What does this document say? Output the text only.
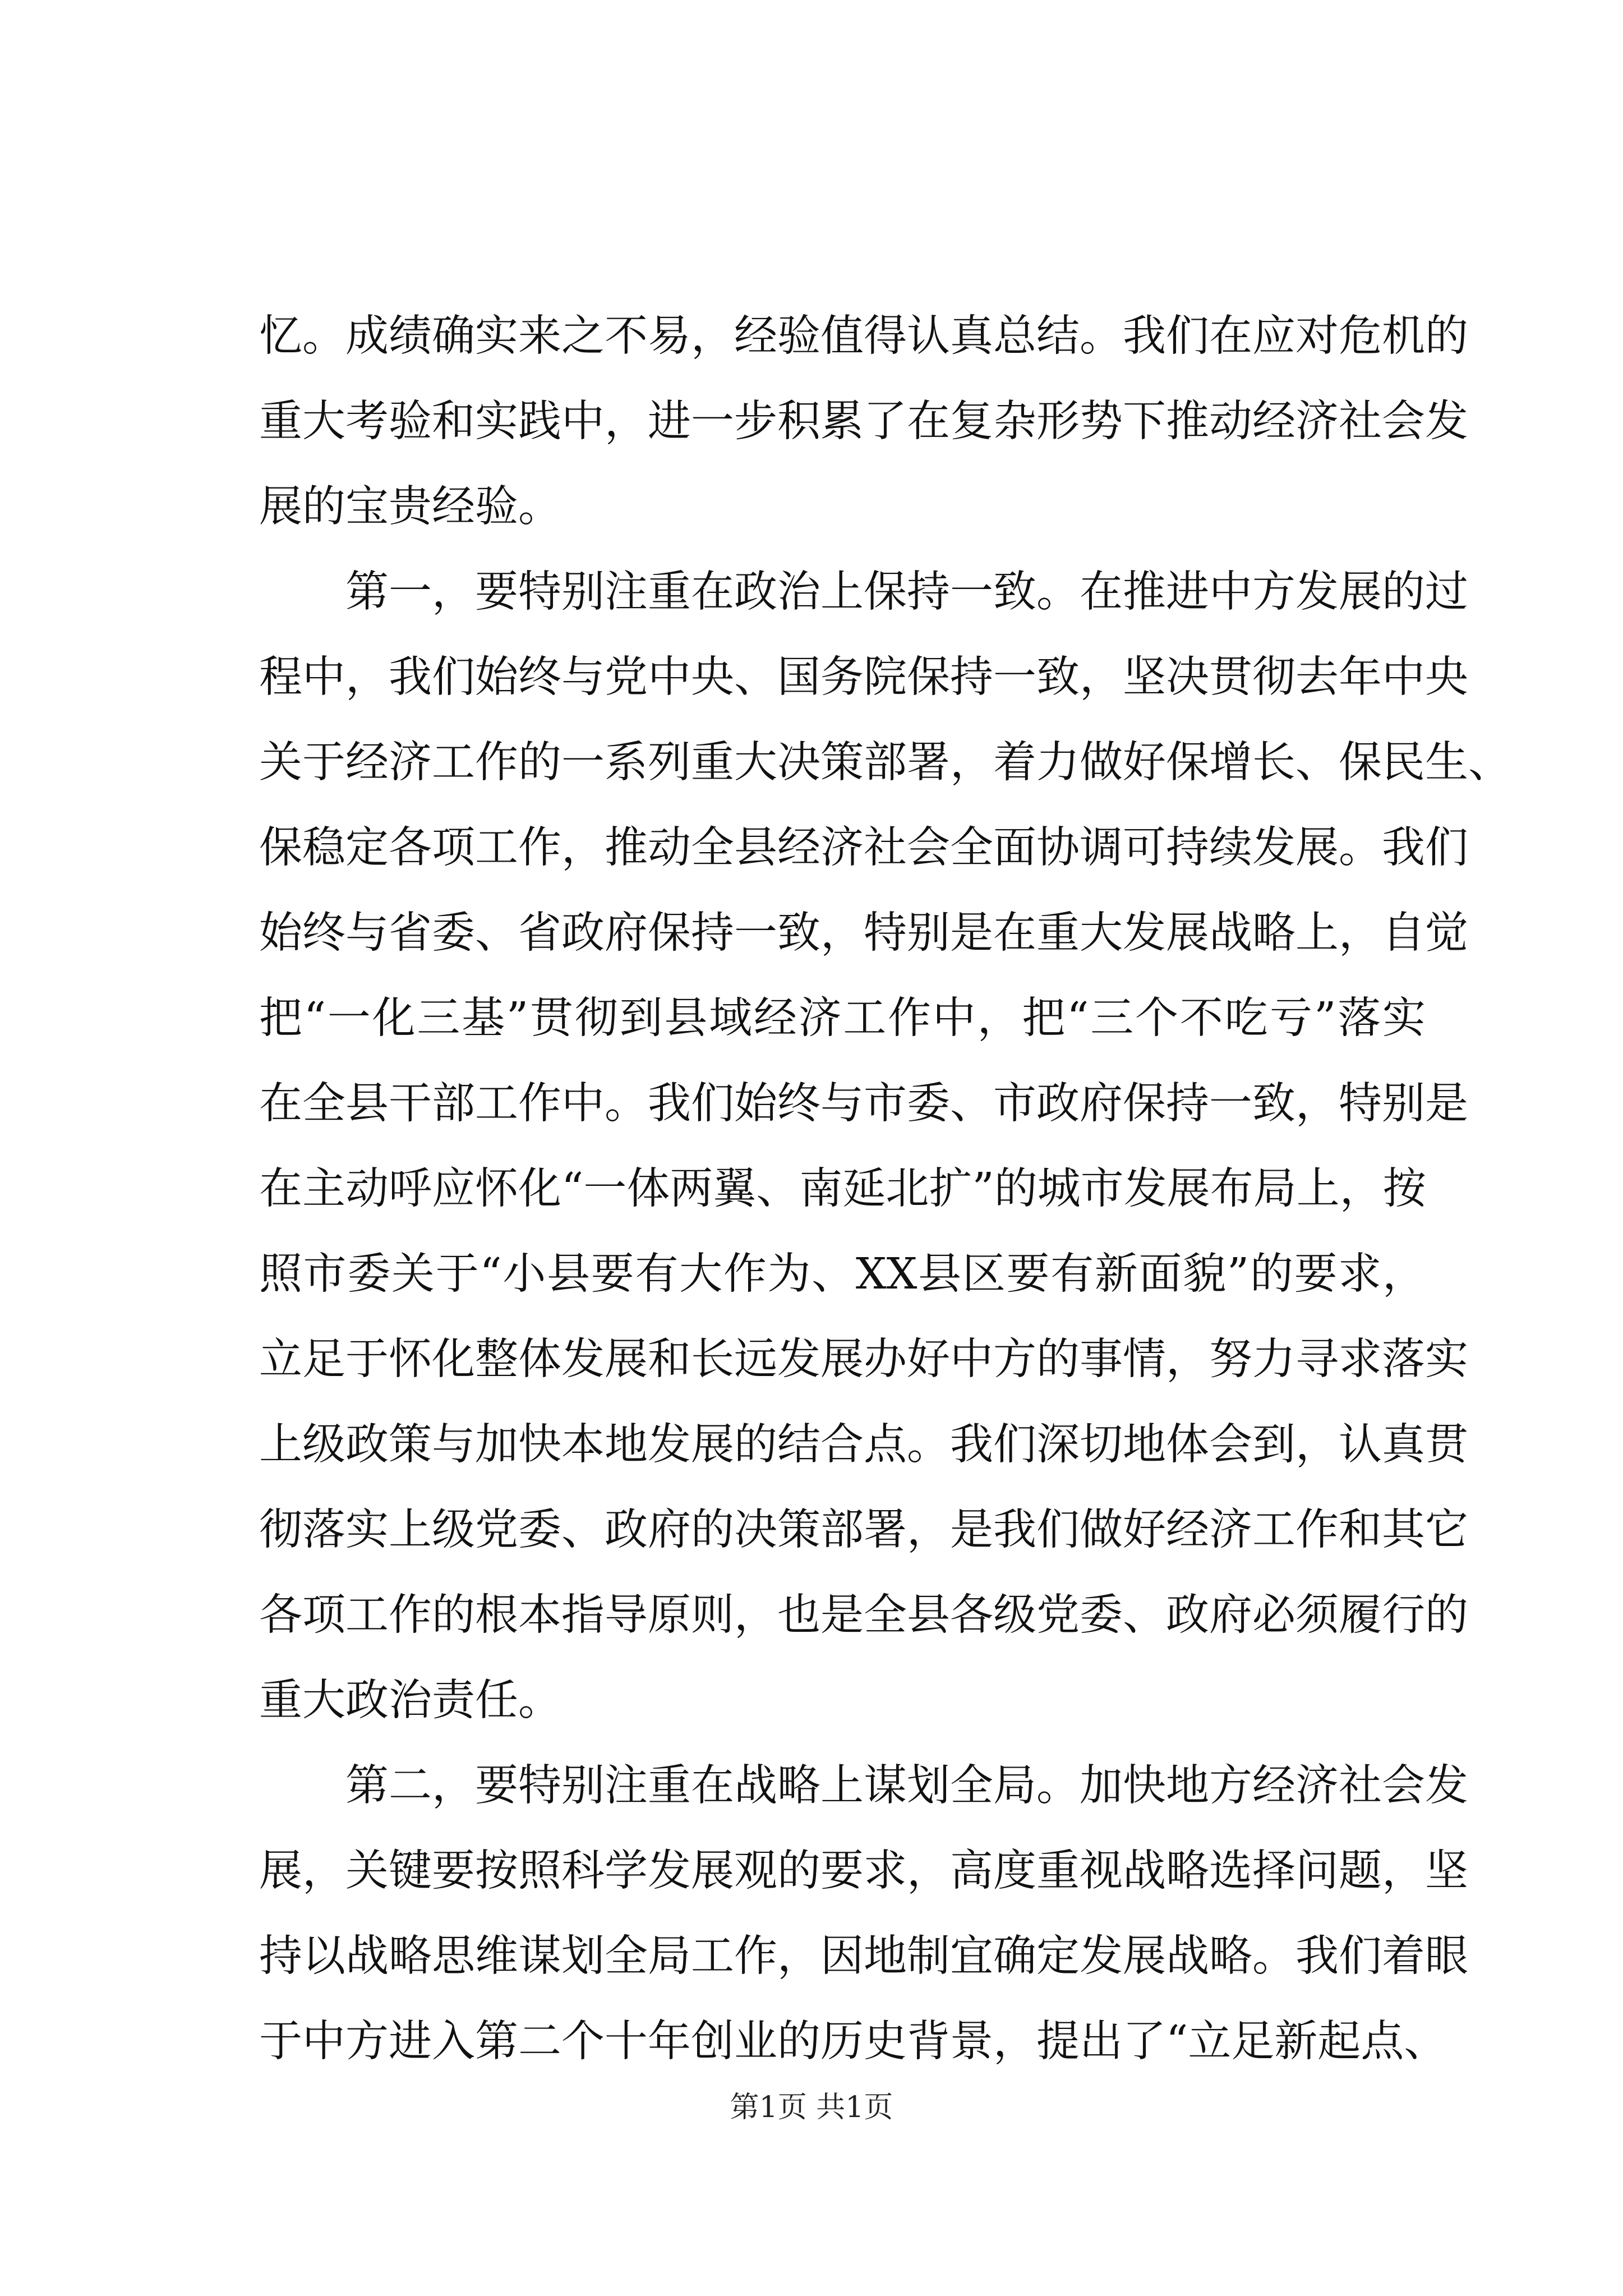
忆。成绩确实来之不易，经验值得认真总结。我们在应对危机的
重大考验和实践中，进一步积累了在复杂形势下推动经济社会发
展的宝贵经验。
第一，要特别注重在政治上保持一致。在推进中方发展的过
程中，我们始终与党中央、国务院保持一致，坚决贯彻去年中央
关于经济工作的一系列重大决策部署，着力做好保增长、保民生、
保稳定各项工作，推动全县经济社会全面协调可持续发展。我们
始终与省委、省政府保持一致，特别是在重大发展战略上，自觉
把“一化三基”贯彻到县域经济工作中，把“三个不吃亏”落实
在全县干部工作中。我们始终与市委、市政府保持一致，特别是
在主动呼应怀化“一体两翼、南延北扩”的城市发展布局上，按
照市委关于“小县要有大作为、XX县区要有新面貌”的要求，
立足于怀化整体发展和长远发展办好中方的事情，努力寻求落实
上级政策与加快本地发展的结合点。我们深切地体会到，认真贯
彻落实上级党委、政府的决策部署，是我们做好经济工作和其它
各项工作的根本指导原则，也是全县各级党委、政府必须履行的
重大政治责任。
第二，要特别注重在战略上谋划全局。加快地方经济社会发
展，关键要按照科学发展观的要求，高度重视战略选择问题，坚
持以战略思维谋划全局工作，因地制宜确定发展战略。我们着眼
于中方进入第二个十年创业的历史背景，提出了“立足新起点、
第1页 共1页
